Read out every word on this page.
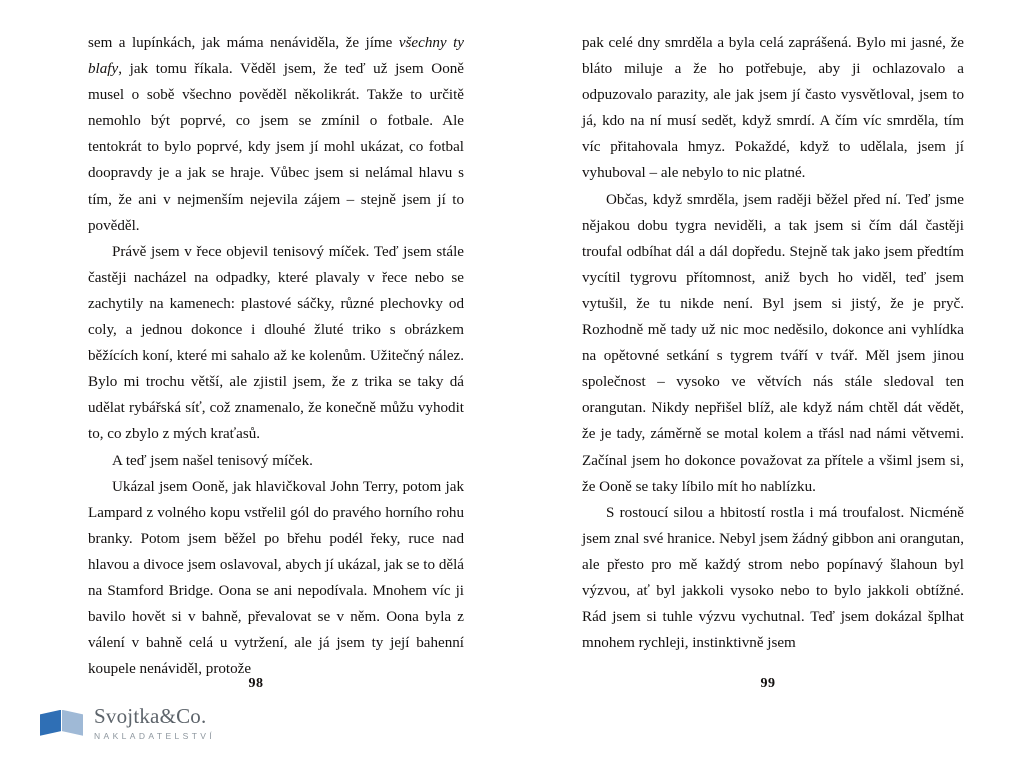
sem a lupínkách, jak máma nenáviděla, že jíme všechny ty blafy, jak tomu říkala. Věděl jsem, že teď už jsem Ooně musel o sobě všechno pověděl několikrát. Takže to určitě nemohlo být poprvé, co jsem se zmínil o fotbale. Ale tentokrát to bylo poprvé, kdy jsem jí mohl ukázat, co fotbal doopravdy je a jak se hraje. Vůbec jsem si nelámal hlavu s tím, že ani v nejmenším nejevila zájem – stejně jsem jí to pověděl.

Právě jsem v řece objevil tenisový míček. Teď jsem stále častěji nacházel na odpadky, které plavaly v řece nebo se zachytily na kamenech: plastové sáčky, různé plechovky od coly, a jednou dokonce i dlouhé žluté triko s obrázkem běžících koní, které mi sahalo až ke kolenům. Užitečný nález. Bylo mi trochu větší, ale zjistil jsem, že z trika se taky dá udělat rybářská síť, což znamenalo, že konečně můžu vyhodit to, co zbylo z mých kraťasů.

A teď jsem našel tenisový míček.

Ukázal jsem Ooně, jak hlavičkoval John Terry, potom jak Lampard z volného kopu vstřelil gól do pravého horního rohu branky. Potom jsem běžel po břehu podél řeky, ruce nad hlavou a divoce jsem oslavoval, abych jí ukázal, jak se to dělá na Stamford Bridge. Oona se ani nepodívala. Mnohem víc ji bavilo hovět si v bahně, převalovat se v něm. Oona byla z válení v bahně celá u vytržení, ale já jsem ty její bahenní koupele nenáviděl, protože

98
Svojtka&Co.
NAKLADATELSTVÍ

pak celé dny smrděla a byla celá zaprášená. Bylo mi jasné, že bláto miluje a že ho potřebuje, aby ji ochlazovalo a odpuzovalo parazity, ale jak jsem jí často vysvětloval, jsem to já, kdo na ní musí sedět, když smrdí. A čím víc smrděla, tím víc přitahovala hmyz. Pokaždé, když to udělala, jsem jí vyhuboval – ale nebylo to nic platné.

Občas, když smrděla, jsem raději běžel před ní. Teď jsme nějakou dobu tygra neviděli, a tak jsem si čím dál častěji troufal odbíhat dál a dál dopředu. Stejně tak jako jsem předtím vycítil tygrovu přítomnost, aniž bych ho viděl, teď jsem vytušil, že tu nikde není. Byl jsem si jistý, že je pryč. Rozhodně mě tady už nic moc neděsilo, dokonce ani vyhlídka na opětovné setkání s tygrem tváří v tvář. Měl jsem jinou společnost – vysoko ve větvích nás stále sledoval ten orangutan. Nikdy nepřišel blíž, ale když nám chtěl dát vědět, že je tady, záměrně se motal kolem a třásl nad námi větvemi. Začínal jsem ho dokonce považovat za přítele a všiml jsem si, že Ooně se taky líbilo mít ho nablízku.

S rostoucí silou a hbitostí rostla i má troufalost. Nicméně jsem znal své hranice. Nebyl jsem žádný gibbon ani orangutan, ale přesto pro mě každý strom nebo popínavý šlahoun byl výzvou, ať byl jakkoli vysoko nebo to bylo jakkoli obtížné. Rád jsem si tuhle výzvu vychutnal. Teď jsem dokázal šplhat mnohem rychleji, instinktivně jsem

99
